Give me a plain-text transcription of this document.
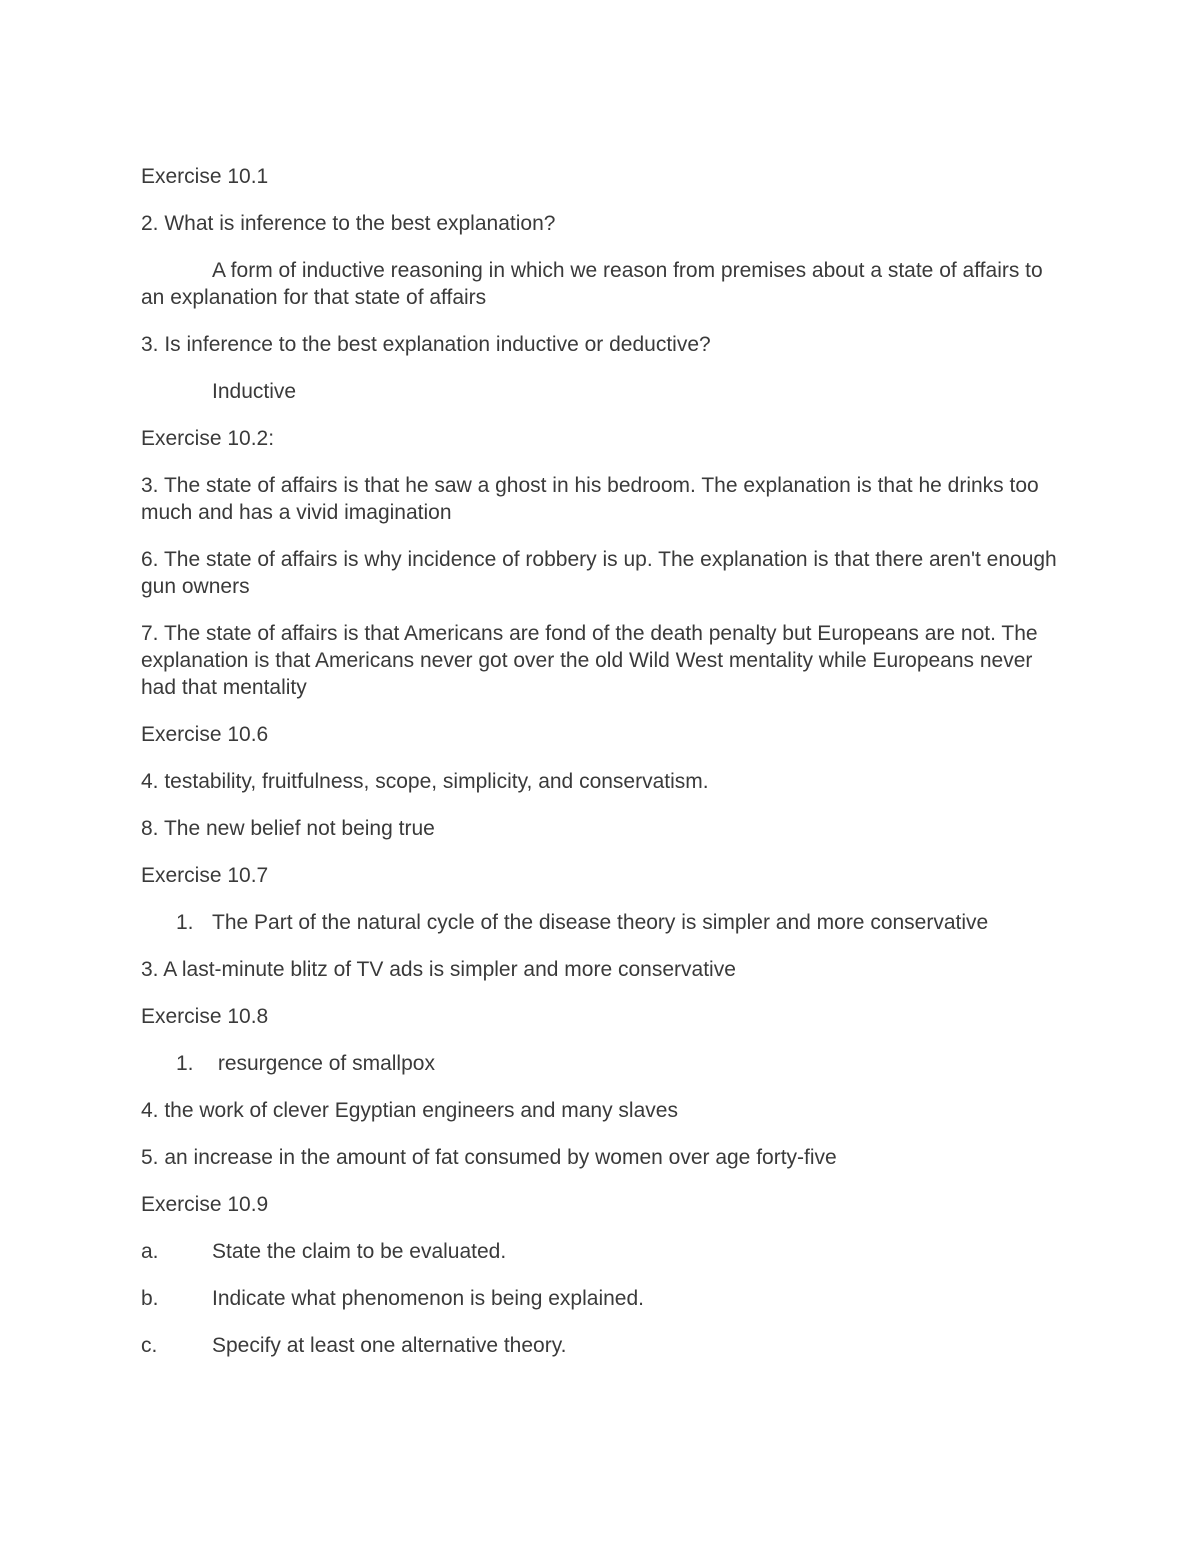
Exercise 10.1

2. What is inference to the best explanation?

A form of inductive reasoning in which we reason from premises about a state of affairs to an explanation for that state of affairs

3. Is inference to the best explanation inductive or deductive?

Inductive

Exercise 10.2:

3. The state of affairs is that he saw a ghost in his bedroom. The explanation is that he drinks too much and has a vivid imagination

6. The state of affairs is why incidence of robbery is up. The explanation is that there aren't enough gun owners

7. The state of affairs is that Americans are fond of the death penalty but Europeans are not. The explanation is that Americans never got over the old Wild West mentality while Europeans never had that mentality

Exercise 10.6

4. testability, fruitfulness, scope, simplicity, and conservatism.

8. The new belief not being true

Exercise 10.7

1. The Part of the natural cycle of the disease theory is simpler and more conservative

3. A last-minute blitz of TV ads is simpler and more conservative

Exercise 10.8

1. resurgence of smallpox

4. the work of clever Egyptian engineers and many slaves

5. an increase in the amount of fat consumed by women over age forty-five

Exercise 10.9

a.	State the claim to be evaluated.
b.	Indicate what phenomenon is being explained.
c.	Specify at least one alternative theory.
